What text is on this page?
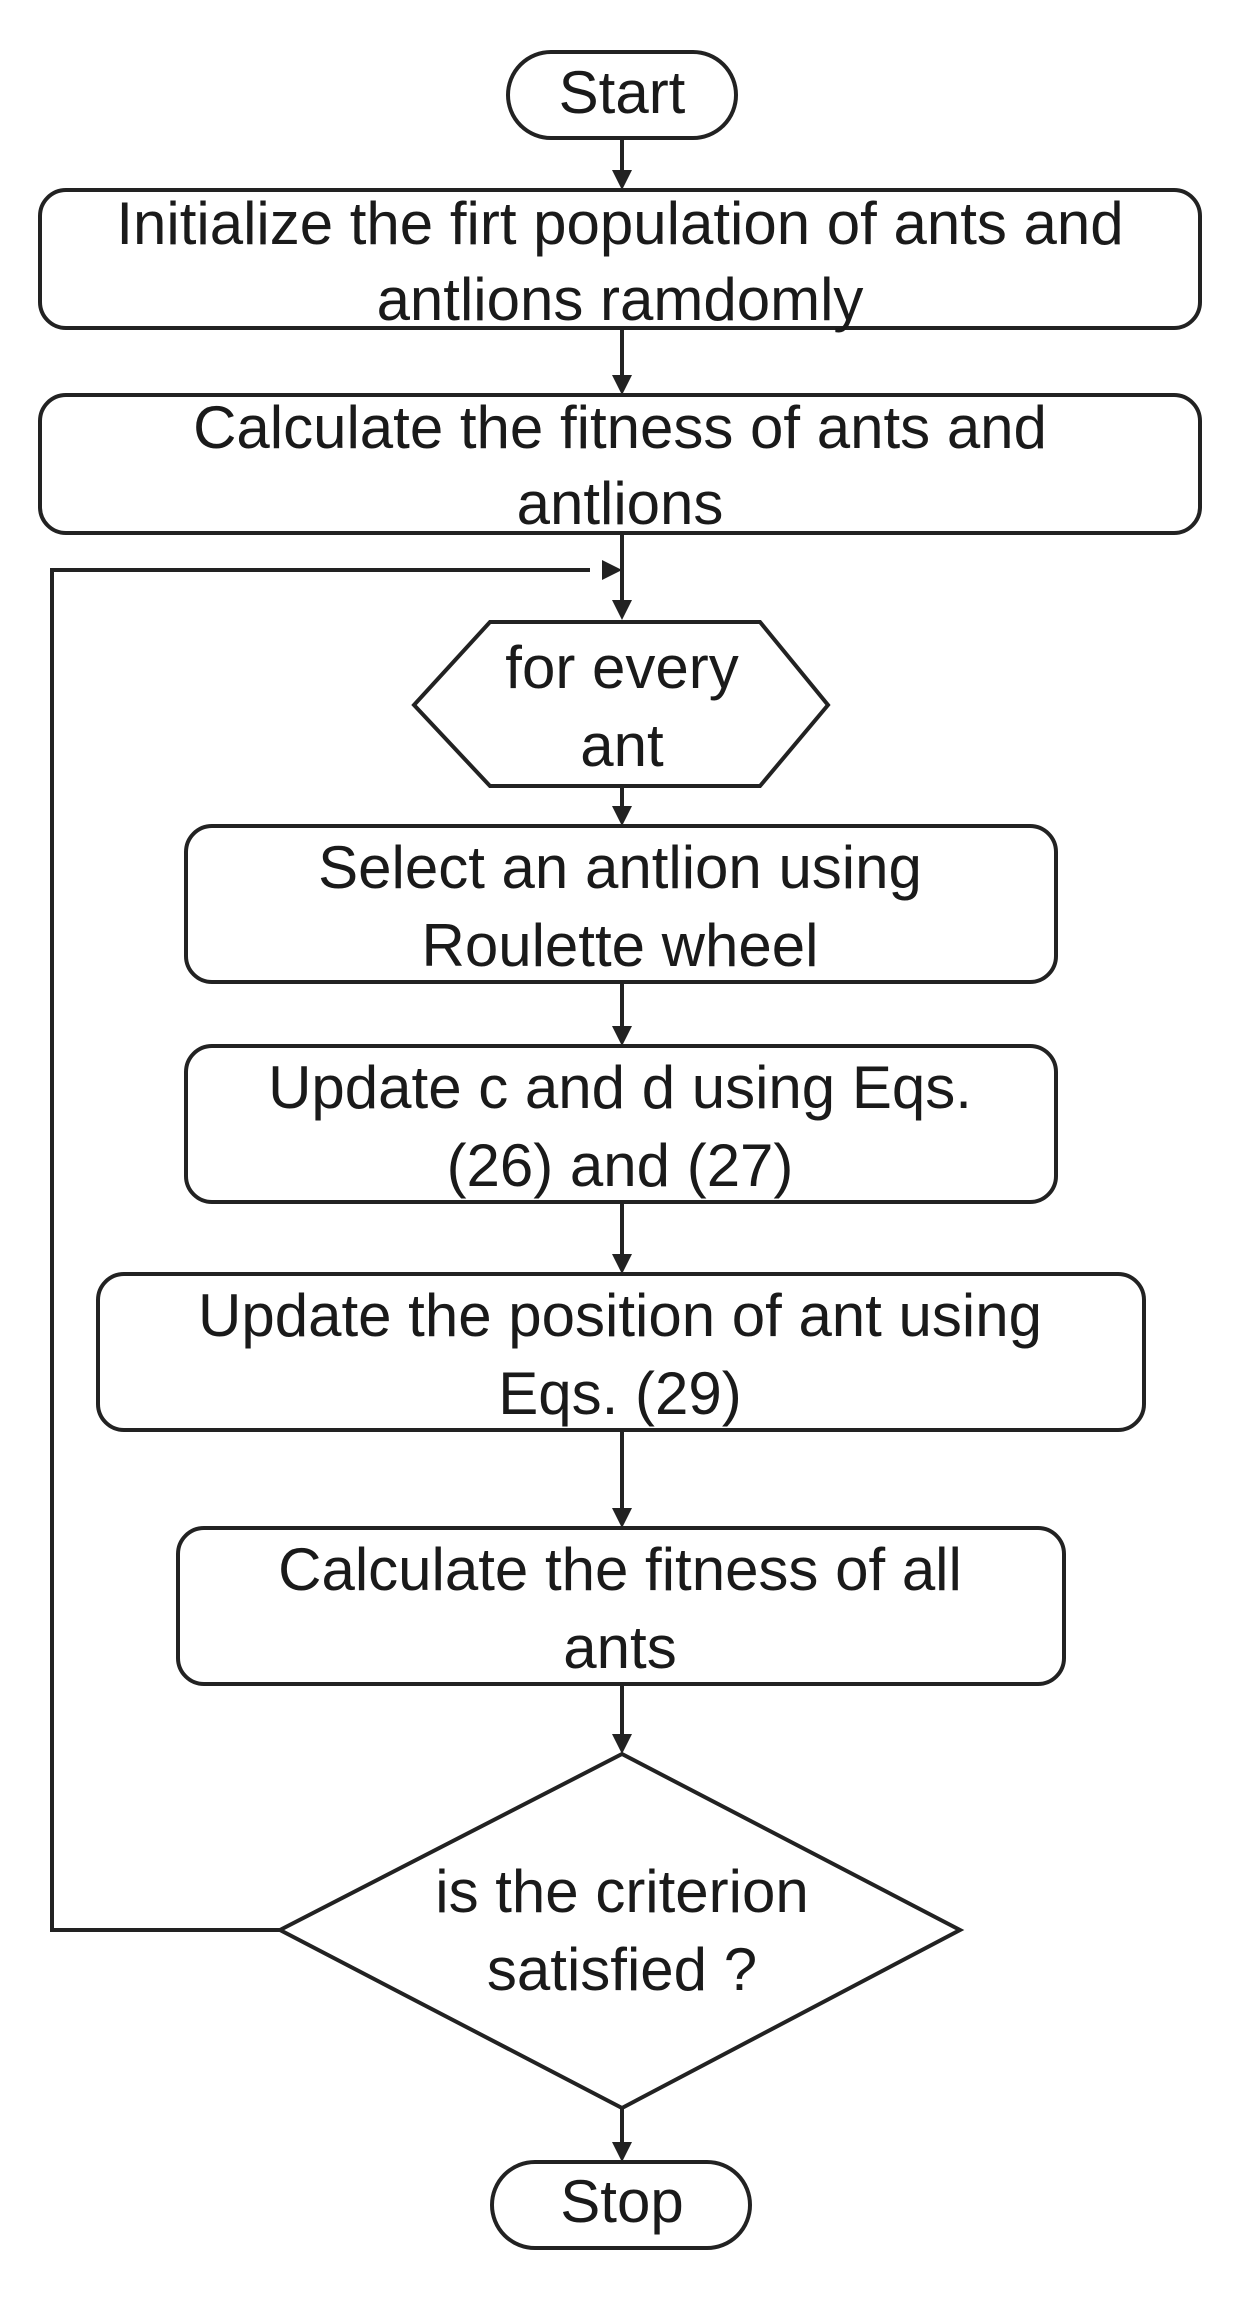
Start
Initialize the firt population of ants and
antlions ramdomly
Calculate the fitness of ants and
antlions
for every
ant
Select an antlion using
Roulette wheel
Update c and d using Eqs.
(26) and (27)
Update the position of ant using
Eqs. (29)
Calculate the fitness of all
ants
is the criterion
satisfied ?
Stop
